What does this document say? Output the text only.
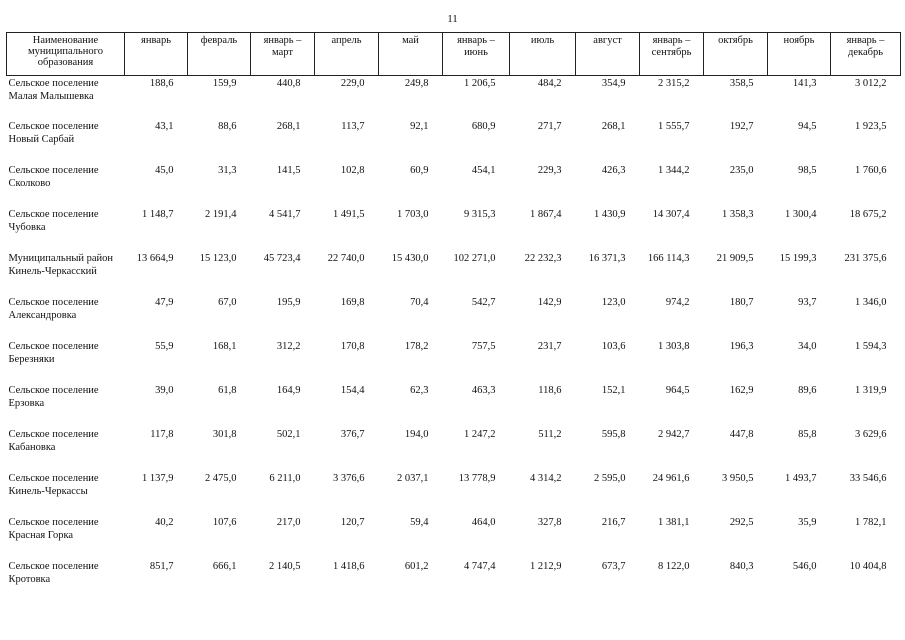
11
Наименование муниципального образования	январь	февраль	январь – март	апрель	май	январь – июнь	июль	август	январь – сентябрь	октябрь	ноябрь	январь – декабрь

Сельское поселение
Малая Малышевка	188,6	159,9	440,8	229,0	249,8	1 206,5	484,2	354,9	2 315,2	358,5	141,3	3 012,2

Сельское поселение
Новый Сарбай	43,1	88,6	268,1	113,7	92,1	680,9	271,7	268,1	1 555,7	192,7	94,5	1 923,5

Сельское поселение
Сколково	45,0	31,3	141,5	102,8	60,9	454,1	229,3	426,3	1 344,2	235,0	98,5	1 760,6

Сельское поселение
Чубовка	1 148,7	2 191,4	4 541,7	1 491,5	1 703,0	9 315,3	1 867,4	1 430,9	14 307,4	1 358,3	1 300,4	18 675,2

Муниципальный район
Кинель-Черкасский	13 664,9	15 123,0	45 723,4	22 740,0	15 430,0	102 271,0	22 232,3	16 371,3	166 114,3	21 909,5	15 199,3	231 375,6

Сельское поселение
Александровка	47,9	67,0	195,9	169,8	70,4	542,7	142,9	123,0	974,2	180,7	93,7	1 346,0

Сельское поселение
Березняки	55,9	168,1	312,2	170,8	178,2	757,5	231,7	103,6	1 303,8	196,3	34,0	1 594,3

Сельское поселение
Ерзовка	39,0	61,8	164,9	154,4	62,3	463,3	118,6	152,1	964,5	162,9	89,6	1 319,9

Сельское поселение
Кабановка	117,8	301,8	502,1	376,7	194,0	1 247,2	511,2	595,8	2 942,7	447,8	85,8	3 629,6

Сельское поселение
Кинель-Черкассы	1 137,9	2 475,0	6 211,0	3 376,6	2 037,1	13 778,9	4 314,2	2 595,0	24 961,6	3 950,5	1 493,7	33 546,6

Сельское поселение
Красная Горка	40,2	107,6	217,0	120,7	59,4	464,0	327,8	216,7	1 381,1	292,5	35,9	1 782,1

Сельское поселение
Кротовка	851,7	666,1	2 140,5	1 418,6	601,2	4 747,4	1 212,9	673,7	8 122,0	840,3	546,0	10 404,8
